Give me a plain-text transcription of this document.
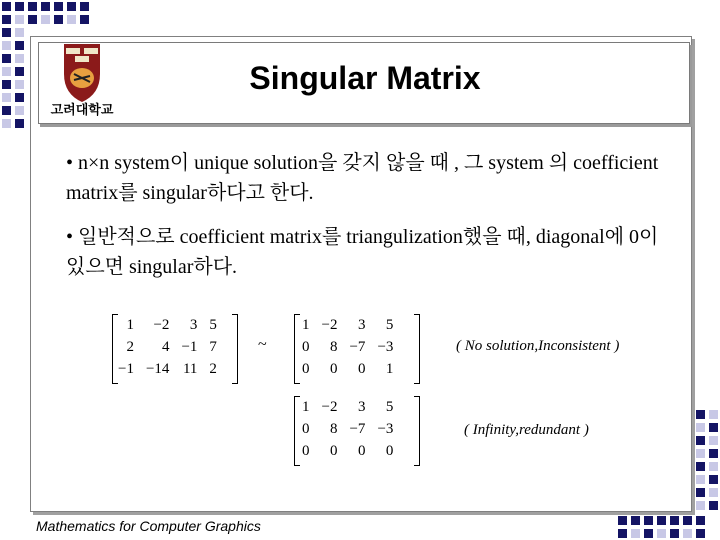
고려대학교
Singular Matrix
• n×n system이 unique solution을 갖지 않을 때 , 그 system 의 coefficient matrix를 singular하다고 한다.
• 일반적으로 coefficient matrix를 triangulization했을 때, diagonal에 0이 있으면 singular하다.
1	−2	3	5
2	4	−1	7
−1	−14	11	2
~
1	−2	3	5
0	8	−7	−3
0	0	0	1
( No solution,Inconsistent )
1	−2	3	5
0	8	−7	−3
0	0	0	0
( Infinity,redundant )
Mathematics for Computer Graphics
